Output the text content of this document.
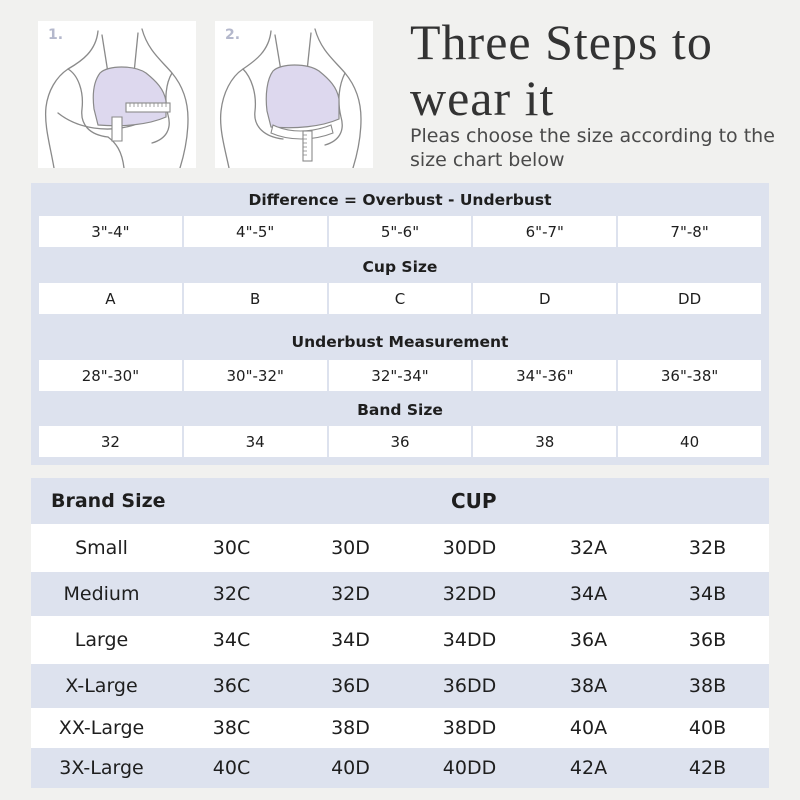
1.	2.	Three Steps to wear it

Pleas choose the size according to the size chart below

Difference = Overbust - Underbust
3"-4"	4"-5"	5"-6"	6"-7"	7"-8"
Cup Size
A	B	C	D	DD
Underbust Measurement
28"-30"	30"-32"	32"-34"	34"-36"	36"-38"
Band Size
32	34	36	38	40
Brand Size	CUP
Small	30C	30D	30DD	32A	32B
Medium	32C	32D	32DD	34A	34B
Large	34C	34D	34DD	36A	36B
X-Large	36C	36D	36DD	38A	38B
XX-Large	38C	38D	38DD	40A	40B
3X-Large	40C	40D	40DD	42A	42B
